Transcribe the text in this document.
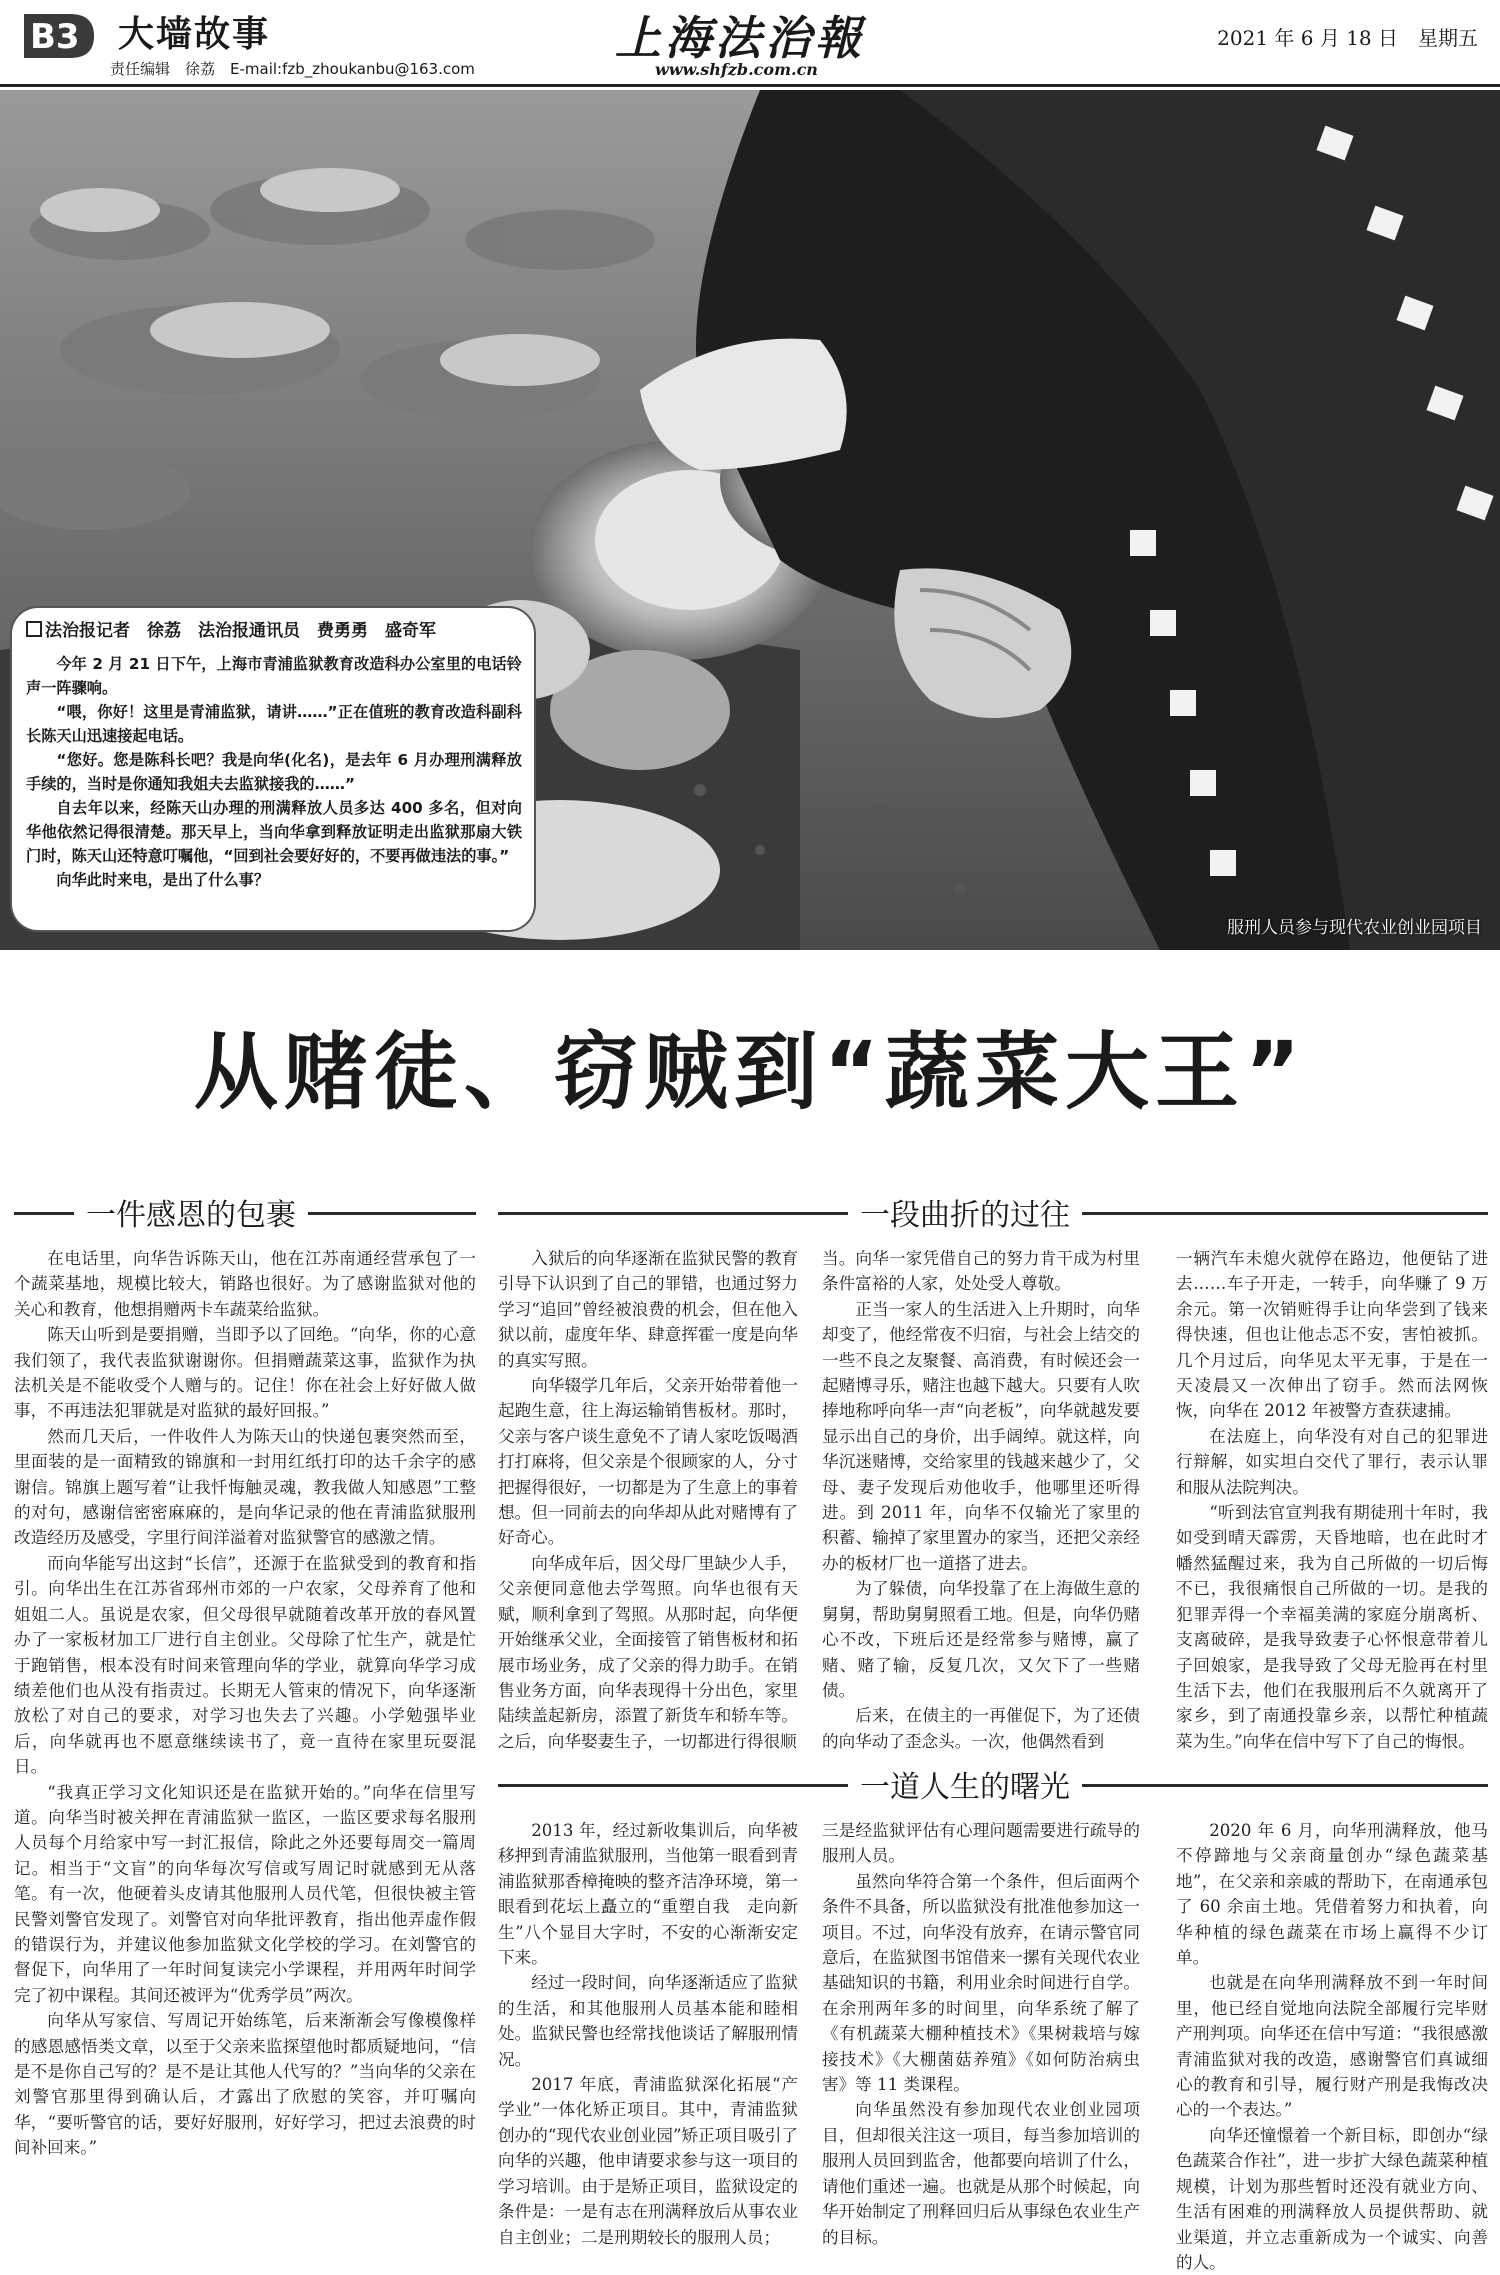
B3 大墙故事
责任编辑　徐荔　E-mail:fzb_zhoukanbu@163.com
上海法治報
www.shfzb.com.cn
2021 年 6 月 18 日　星期五
服刑人员参与现代农业创业园项目
法治报记者　徐荔　法治报通讯员　费勇勇　盛奇军

今年 2 月 21 日下午，上海市青浦监狱教育改造科办公室里的电话铃声一阵骤响。

“喂，你好！这里是青浦监狱，请讲……”正在值班的教育改造科副科长陈天山迅速接起电话。

“您好。您是陈科长吧？我是向华(化名)，是去年 6 月办理刑满释放手续的，当时是你通知我姐夫去监狱接我的……”

自去年以来，经陈天山办理的刑满释放人员多达 400 多名，但对向华他依然记得很清楚。那天早上，当向华拿到释放证明走出监狱那扇大铁门时，陈天山还特意叮嘱他，“回到社会要好好的，不要再做违法的事。”

向华此时来电，是出了什么事？

从赌徒、窃贼到“蔬菜大王”
一件感恩的包裹	一段曲折的过往
一道人生的曙光

在电话里，向华告诉陈天山，他在江苏南通经营承包了一个蔬菜基地，规模比较大，销路也很好。为了感谢监狱对他的关心和教育，他想捐赠两卡车蔬菜给监狱。

陈天山听到是要捐赠，当即予以了回绝。“向华，你的心意我们领了，我代表监狱谢谢你。但捐赠蔬菜这事，监狱作为执法机关是不能收受个人赠与的。记住！你在社会上好好做人做事，不再违法犯罪就是对监狱的最好回报。”

然而几天后，一件收件人为陈天山的快递包裹突然而至，里面装的是一面精致的锦旗和一封用红纸打印的达千余字的感谢信。锦旗上题写着“让我忏悔触灵魂，教我做人知感恩”工整的对句，感谢信密密麻麻的，是向华记录的他在青浦监狱服刑改造经历及感受，字里行间洋溢着对监狱警官的感激之情。

而向华能写出这封“长信”，还源于在监狱受到的教育和指引。向华出生在江苏省邳州市郊的一户农家，父母养育了他和姐姐二人。虽说是农家，但父母很早就随着改革开放的春风置办了一家板材加工厂进行自主创业。父母除了忙生产，就是忙于跑销售，根本没有时间来管理向华的学业，就算向华学习成绩差他们也从没有指责过。长期无人管束的情况下，向华逐渐放松了对自己的要求，对学习也失去了兴趣。小学勉强毕业后，向华就再也不愿意继续读书了，竟一直待在家里玩耍混日。

“我真正学习文化知识还是在监狱开始的。”向华在信里写道。向华当时被关押在青浦监狱一监区，一监区要求每名服刑人员每个月给家中写一封汇报信，除此之外还要每周交一篇周记。相当于“文盲”的向华每次写信或写周记时就感到无从落笔。有一次，他硬着头皮请其他服刑人员代笔，但很快被主管民警刘警官发现了。刘警官对向华批评教育，指出他弄虚作假的错误行为，并建议他参加监狱文化学校的学习。在刘警官的督促下，向华用了一年时间复读完小学课程，并用两年时间学完了初中课程。其间还被评为“优秀学员”两次。

向华从写家信、写周记开始练笔，后来渐渐会写像模像样的感恩感悟类文章，以至于父亲来监探望他时都质疑地问，“信是不是你自己写的？是不是让其他人代写的？”当向华的父亲在刘警官那里得到确认后，才露出了欣慰的笑容，并叮嘱向华，“要听警官的话，要好好服刑，好好学习，把过去浪费的时间补回来。”

入狱后的向华逐渐在监狱民警的教育引导下认识到了自己的罪错，也通过努力学习“追回”曾经被浪费的机会，但在他入狱以前，虚度年华、肆意挥霍一度是向华的真实写照。

向华辍学几年后，父亲开始带着他一起跑生意，往上海运输销售板材。那时，父亲与客户谈生意免不了请人家吃饭喝酒打打麻将，但父亲是个很顾家的人，分寸把握得很好，一切都是为了生意上的事着想。但一同前去的向华却从此对赌博有了好奇心。

向华成年后，因父母厂里缺少人手，父亲便同意他去学驾照。向华也很有天赋，顺利拿到了驾照。从那时起，向华便开始继承父业，全面接管了销售板材和拓展市场业务，成了父亲的得力助手。在销售业务方面，向华表现得十分出色，家里陆续盖起新房，添置了新货车和轿车等。之后，向华娶妻生子，一切都进行得很顺

当。向华一家凭借自己的努力肯干成为村里条件富裕的人家，处处受人尊敬。

正当一家人的生活进入上升期时，向华却变了，他经常夜不归宿，与社会上结交的一些不良之友聚餐、高消费，有时候还会一起赌博寻乐，赌注也越下越大。只要有人吹捧地称呼向华一声“向老板”，向华就越发要显示出自己的身价，出手阔绰。就这样，向华沉迷赌博，交给家里的钱越来越少了，父母、妻子发现后劝他收手，他哪里还听得进。到 2011 年，向华不仅输光了家里的积蓄、输掉了家里置办的家当，还把父亲经办的板材厂也一道搭了进去。

为了躲债，向华投靠了在上海做生意的舅舅，帮助舅舅照看工地。但是，向华仍赌心不改，下班后还是经常参与赌博，赢了赌、赌了输，反复几次，又欠下了一些赌债。

后来，在债主的一再催促下，为了还债的向华动了歪念头。一次，他偶然看到

一辆汽车未熄火就停在路边，他便钻了进去……车子开走，一转手，向华赚了 9 万余元。第一次销赃得手让向华尝到了钱来得快速，但也让他忐忑不安，害怕被抓。几个月过后，向华见太平无事，于是在一天凌晨又一次伸出了窃手。然而法网恢恢，向华在 2012 年被警方查获逮捕。

在法庭上，向华没有对自己的犯罪进行辩解，如实坦白交代了罪行，表示认罪和服从法院判决。

“听到法官宣判我有期徒刑十年时，我如受到晴天霹雳，天昏地暗，也在此时才幡然猛醒过来，我为自己所做的一切后悔不已，我很痛恨自己所做的一切。是我的犯罪弄得一个幸福美满的家庭分崩离析、支离破碎，是我导致妻子心怀恨意带着儿子回娘家，是我导致了父母无脸再在村里生活下去，他们在我服刑后不久就离开了家乡，到了南通投靠乡亲，以帮忙种植蔬菜为生。”向华在信中写下了自己的悔恨。

2013 年，经过新收集训后，向华被移押到青浦监狱服刑，当他第一眼看到青浦监狱那香樟掩映的整齐洁净环境，第一眼看到花坛上矗立的“重塑自我　走向新生”八个显目大字时，不安的心渐渐安定下来。

经过一段时间，向华逐渐适应了监狱的生活，和其他服刑人员基本能和睦相处。监狱民警也经常找他谈话了解服刑情况。

2017 年底，青浦监狱深化拓展“产学业”一体化矫正项目。其中，青浦监狱创办的“现代农业创业园”矫正项目吸引了向华的兴趣，他申请要求参与这一项目的学习培训。由于是矫正项目，监狱设定的条件是：一是有志在刑满释放后从事农业自主创业；二是刑期较长的服刑人员；

三是经监狱评估有心理问题需要进行疏导的服刑人员。

虽然向华符合第一个条件，但后面两个条件不具备，所以监狱没有批准他参加这一项目。不过，向华没有放弃，在请示警官同意后，在监狱图书馆借来一摞有关现代农业基础知识的书籍，利用业余时间进行自学。在余刑两年多的时间里，向华系统了解了《有机蔬菜大棚种植技术》《果树栽培与嫁接技术》《大棚菌菇养殖》《如何防治病虫害》等 11 类课程。

向华虽然没有参加现代农业创业园项目，但却很关注这一项目，每当参加培训的服刑人员回到监舍，他都要向培训了什么，请他们重述一遍。也就是从那个时候起，向华开始制定了刑释回归后从事绿色农业生产的目标。

2020 年 6 月，向华刑满释放，他马不停蹄地与父亲商量创办“绿色蔬菜基地”，在父亲和亲戚的帮助下，在南通承包了 60 余亩土地。凭借着努力和执着，向华种植的绿色蔬菜在市场上赢得不少订单。

也就是在向华刑满释放不到一年时间里，他已经自觉地向法院全部履行完毕财产刑判项。向华还在信中写道：“我很感激青浦监狱对我的改造，感谢警官们真诚细心的教育和引导，履行财产刑是我悔改决心的一个表达。”

向华还憧憬着一个新目标，即创办“绿色蔬菜合作社”，进一步扩大绿色蔬菜种植规模，计划为那些暂时还没有就业方向、生活有困难的刑满释放人员提供帮助、就业渠道，并立志重新成为一个诚实、向善的人。
